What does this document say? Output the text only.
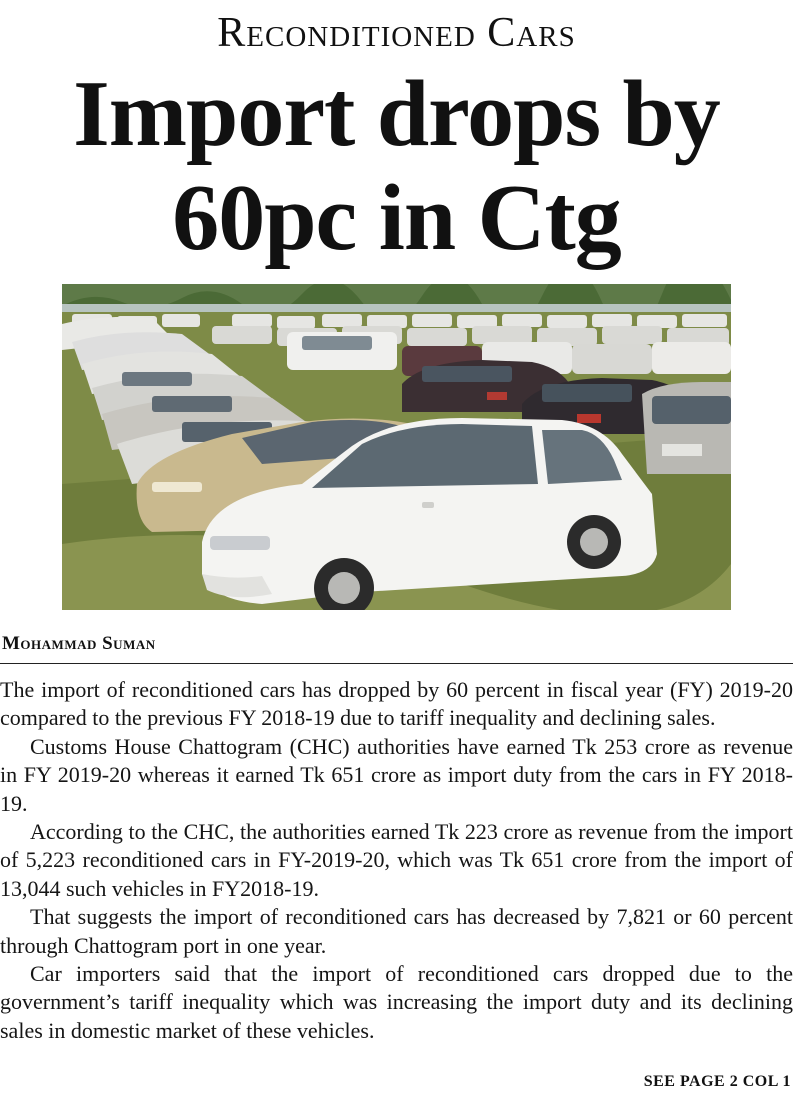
Reconditioned Cars
Import drops by 60pc in Ctg
Mohammad Suman

The import of reconditioned cars has dropped by 60 percent in fiscal year (FY) 2019-20 compared to the previous FY 2018-19 due to tariff inequality and declining sales.

Customs House Chattogram (CHC) authorities have earned Tk 253 crore as revenue in FY 2019-20 whereas it earned Tk 651 crore as import duty from the cars in FY 2018-19.

According to the CHC, the authorities earned Tk 223 crore as revenue from the import of 5,223 reconditioned cars in FY-2019-20, which was Tk 651 crore from the import of 13,044 such vehicles in FY2018-19.

That suggests the import of reconditioned cars has decreased by 7,821 or 60 percent through Chattogram port in one year.

Car importers said that the import of reconditioned cars dropped due to the government’s tariff inequality which was increasing the import duty and its declining sales in domestic market of these vehicles.

SEE PAGE 2 COL 1
